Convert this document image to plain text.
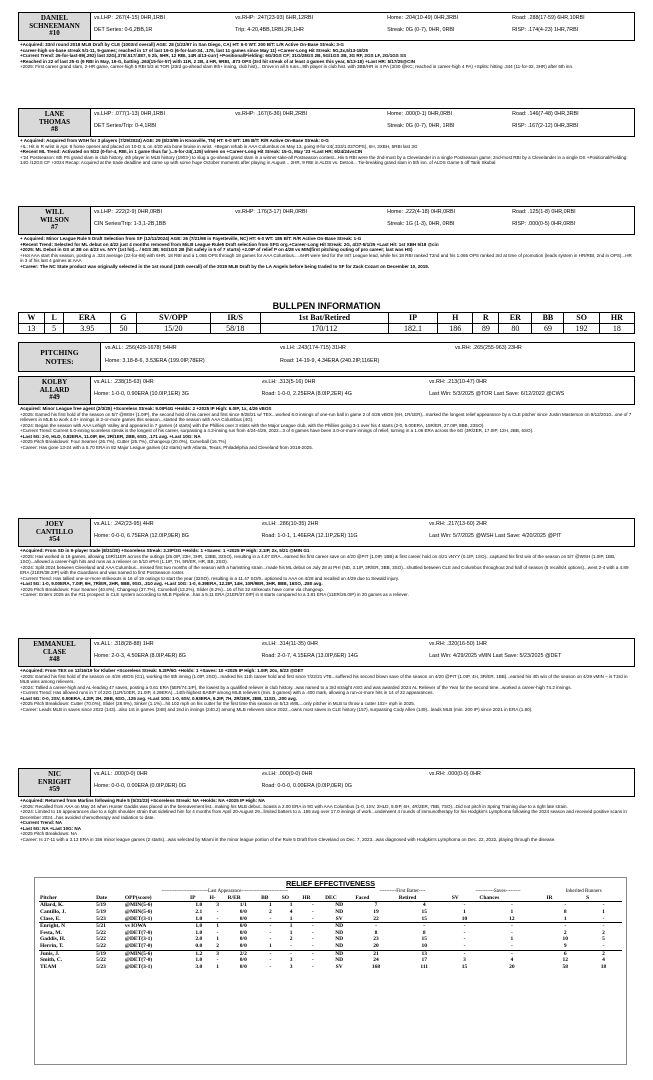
DANIEL
SCHNEEMANN
#10
vs.LHP: .267(4-15) 0HR,1RBI	vs.RHP: .247(23-93) 6HR,12RBI	Home: .204(10-49) 0HR,3RBI	Road: .288(17-59) 6HR,10RBI
DET Series: 0-6,2BB,1R	Trip: 4-20,4BB,1RBI,2R,1HR	Streak: 0G (0-7), 0HR, 0RBI	RISP: .174(4-23) 1HR,7RBI

+Acquired: 33rd round 2018 MLB Draft by CLE (1003rd overall) AGE: 28 (1/23/97 in San Diego, CA) HT: 6-0 WT: 200 B/T: L/R Active On-Base Streak: 3-G

+career-high on-base streak 5/1-11, 9-games; reached in 17 of last 19-G (6-for-last-34, .176, last 11 games since May 11) +Career-Long Hit Streak: 5G,3x,5/13-18/25

+Current Trend: 26-for-last-89(.292) last 32G(.370/.517/.887, 5 2b, 5HR, 12 RBI, 14R 4/13-curr) +Positional/Fielding: 6G/3GS CF; 31G/28GS 2B, 5G/1GS 3B, 3G RF, 2GS LF, 2G/1GS SS

+Reached in 22 of last 25-G (9 RBI in May, 19-G, batting .263(15-for-57) with 11R, 2 2B, 4 HR, 9RBI, .873 OPS (3rd hit streak of at least 4 games this year, 5/13-18) +Last HR: 5/17/25@CIN

+2025: First career grand slam, 2-HR game, career-high 5 RBI 5/3 at TOR (23rd go-ahead slam 9th+ inning, club hist)... Drove in all 5 runs...9th player in club hist. with 3BB/HR in 4 PA (3/30 @KC; reached in career-high 4 PA) +Splits: hitting .344 (11-for-32, 3HR) after 6th inn.

LANE
THOMAS
#8
vs.LHP: .077(1-13) 0HR,1RBI	vs.RHP: .167(6-36) 0HR,2RBI	Home: .000(0-1) 0HR,0RBI	Road: .146(7-48) 0HR,3RBI
DET Series/Trip: 0-4,1RBI	Streak: 0G (0-7), 0HR, 1RBI	RISP: .167(2-12) 0HR,3RBI

+ Acquired: Acquired from WSH for 3 players (7/29/2024) AGE: 29 (8/23/95 in Knoxville, TN) HT: 6-0 WT: 195 B/T: R/R Active On-Base Streak: 0-G

+IL: Hit in R wrist in Apr. 8 home opener and placed on 10-D IL on 4/20 w/a bone bruise in wrist. +Began rehab in AAA Columbus on May 13, going 8-for-24(.333/1.037OPS), 6H, 3XBH, 5RBI last 3G

+Recent ML Trend: Activated on 5/22 (0-for-4, RBI, in 1 game thus far )...5-for-24(.125) w/men on +Career-Long Hit Streak: 15-G, May '23 +Last HR: 9/24/24vsCIN

+'24 Postseason: 6th PS grand slam in club history, 4th player in MLB history (1903-) to slug a go-ahead grand slam in a winner-take-all Postseason contest...His 5 RBI were the 2nd-most by a Clevelander in a single Postseason game; 2nd-most RBI by a Clevelander in a single DS +Positional/Fielding: 14G /12GS CF +2024 Recap: Acquired at the trade deadline and came up with some huge October moments after playing in August .. 2HR, 9 RBI in ALDS vs. Detroit... Tie-breaking grand slam in 5th inn. of ALDS Game 5 off Tarik Skubal

WILL
WILSON
#7
vs.LHP: .222(2-9) 0HR,0RBI	vs.RHP: .176(3-17) 0HR,0RBI	Home: .222(4-18) 0HR,0RBI	Road: .125(1-8) 0HR,0RBI
CIN Series/Trip: 1-3,1-2B,1BB	Streak: 1G (1-3), 0HR, 0RBI	RISP: .000(0-5) 0HR,0RBI

+ Acquired: Minor League Rule 5 Draft Selection from SF (12/11/2024) AGE: 26 (7/21/98 in Fayetteville, NC) HT: 6-0 WT: 185 B/T: R/R Active On-Base Streak: 1-G

+Recent Trend: Selected for ML debut on 4/22 just 4 months removed from MiLB League Rule5 Draft selection from SFG org.+Career-Long Hit Streak: 2G, 4/27-5/1/25 +Last Hit: 1st XBH 5/18 @cin

+2025: ML Debut in GS at 3B on 4/23 vs. NYY (1st hit)... / 6GS 3B; 5G/1GS 2B (hit safely in 5 of 7 starts) +2.0IP of relief P on 4/28 vs MIN(first pitching outing of pro career; last was HS)

+Hot AAA start this season, posting a .324 average (22-for-68) with 6HR, 18 RBI and a 1.065 OPS through 18 games for AAA Columbus.....6HR were tied for the Int'l League lead, while his 18 RBI ranked T2nd and his 1.065 OPS ranked 3rd at time of promotion (leads system in HR/RBI, 2nd in OPS)...HR in 3 of his last 4 games at AAA

+Career: The NC State product was originally selected in the 1st round (15th overall) of the 2019 MLB Draft by the LA Angels before being traded to SF for Zack Cozart on December 10, 2019.

BULLPEN INFORMATION
W	L	ERA	G	SV/OPP	IR/S	1st Bat/Retired	IP	H	R	ER	BB	SO	HR
13	5	3.95	50	15/20	58/18	170/112	182.1	186	89	80	69	192	18
PITCHING
NOTES:
vs.ALL: .256(429-1678) 54HR	vs.LH: .243(174-715) 31HR	vs.RH: .265(255-963) 23HR
Home: 3.18-8-6, 3.53ERA (199.0IP,78ER)	Road: 14-19-9, 4.34ERA (240.2IP,116ER)
KOLBY
ALLARD
#49
vs.ALL: .238(15-63) 0HR	vs.LH: .313(5-16) 0HR	vs.RH: .213(10-47) 0HR
Home: 1-0-0, 0.90ERA (10.0IP,1ER) 3G	Road: 1-0-0, 2.25ERA (8.0IP,2ER) 4G	Last Win: 5/3/2025 @TOR Last Save: 6/12/2022 @CWS

Acquired: Minor League free agent (2/3/25) +Scoreless Streak: 9.0IP/4G +Holds: 2 +2025 IP High: 6.0IP, 1x, 4/26 vBOS

+2025: Earned his first hold of the season on 5/7 @WSH (1.0IP), the second hold of his career and first since 9/28/21 w/ TEX...worked 6.0 innings of one-run ball in game 2 of 4/26 vBOS (6H, 1R/1ER)...marked the longest relief appearance by a CLE pitcher since Justin Masterson on 9/12/2010...one of 7 relievers in MLB to work 4.0+ innings in 2-or-more games this season...started the season with AAA Columbus (4G).

+2024: Began the season with AAA Lehigh Valley and appeared in 7 games (4 starts) with the Phillies over 3 stints with the Major League club, with the Phillies going 3-1 over his 4 starts (2-0, 5.00ERA, 15R/ER, 27.0IP, 8BB, 23SO).

+Current Trend: Current 6.0-inning scoreless streak is the longest of his career, surpassing a 4.2-inning run from 4/24-4/29, 2022...3 of 6 games have been 3.0-or-more innings of relief, turning in a 1.06 ERA across the 6G (3R/2ER, 17.0IP, 12H, 2BB, 6SO).

+Last 5G: 2-0, HLD, 0.82ERA, 11.0IP, 6H, 2R/1ER, 2BB, 6SO, .171 avg. +Last 10G: NA

+2025 Pitch Breakdown: Four Seamer (26.7%), Cutter (25.7%), Changeup (20.0%), Curveball (16.7%)

+Career: Has gone 13-24 with a 5.70 ERA in 82 Major League games (42 starts) with Atlanta, Texas, Philadelphia and Cleveland from 2018-2025.

JOEY
CANTILLO
#54
vs.ALL: .242(23-95) 4HR	vs.LH: .286(10-35) 2HR	vs.RH: .217(13-60) 2HR
Home: 0-0-0, 6.75ERA (12.0IP,9ER) 8G	Road: 1-0-1, 1.46ERA (12.1IP,2ER) 11G	Last Win: 5/7/2025 @WSH Last Save: 4/20/2025 @PIT

+Acquired: From SD in 9-player trade (8/31/20) +Scoreless Streak: 3.2IP/3G +Holds: 1 +Saves: 1 +2025 IP High: 2.1IP, 2x, 5/21 @MIN G1

+2025: Has worked in 19 games, allowing 16R/11ER across the outings (26.0IP, 23H, 3HR, 13BB, 32SO), resulting in a 4.07 ERA...earned his first career save on 4/20 @PIT (1.0IP, 1BB) & first career hold on 4/21 vNYY (0.1IP, 1SO)...captured his first win of the season on 5/7 @WSH (1.0IP, 1BB, 1SO)...allowed a career-high hits and runs as a reliever on 5/10 vPHI (1.1IP, 7H, 5R/ER, HR, BB, 2SO).

+2024: Split 2024 between Cleveland and AAA Columbus...missed first two months of the season with a hamstring strain...made his ML debut on July 28 at PHI (ND, 3.1IP, 3R/ER, 3BB, 3SO)...shuttled between CLE and Columbus throughout 2nd half of season (5 recalls/4 options)...went 2-4 with a 4.89 ERA (21ER/38.2IP) with the Guardians and was named to first Postseason roster.

+Current Trend: Has tallied one-or-more strikeouts in 16 of 19 outings to start the year (32SO), resulting in a 11.47 SO/9...optioned to AAA on 4/28 and recalled on 4/29 due to Sewald injury.

+Last 5G: 1-0, 9.00ERA, 7.0IP, 9H, 7R/ER, 2HR, 5BB, 9SO, .310 avg. +Last 10G: 1-0, 6.39ERA, 12.2IP, 14H, 10R/9ER, 3HR, 8BB, 16SO, .280 avg.

+2025 Pitch Breakdown: Four Seamer (40.8%), Changeup (37.7%), Curveball (13.2%), Slider (8.2%)...16 of his 32 strikeouts have come via changeup.

+Career: Enters 2025 as the #11 prospect in CLE system according to MLB Pipeline...has a 5.11 ERA (21ER/37.0IP) in 8 starts compared to a 3.81 ERA (11ER/26.0IP) in 20 games as a reliever.

EMMANUEL
CLASE
#48
vs.ALL: .318(28-88) 1HR	vs.LH: .314(11-35) 0HR	vs.RH: .320(16-50) 1HR
Home: 2-0-3, 4.50ERA (8.0IP,4ER) 8G	Road: 2-0-7, 4.15ERA (13.0IP,6ER) 14G	Last Win: 4/29/2025 vMIN Last Save: 5/23/2025 @DET

+Acquired: From TEX on 12/16/19 for Kluber +Scoreless Streak: 5.2IP/6G +Holds: 1 +Saves: 10 +2025 IP High: 1.0IP, 20x, 5/23 @DET

+2025: Earned his first hold of the season on 4/26 vBOS (G1), working the 8th inning (1.0IP, 2SO)...marked his 11th career hold and first since 7/22/21 vTB...suffered his second blown save of the season on 4/20 @PIT (1.0IP, 4H, 3R/ER, 1BB)...earned his 4th win of the season on 4/29 vMIN – is T3rd in MLB wins among relievers.

+2024: Tallied a career-high and AL-leading 47 saves, posting a 0.61 ERA (5ER/74.1IP), the lowest by a qualified reliever in club history...was named to a 3rd straight ASG and was awarded 2024 AL Reliever of the Year for the second time...worked a career-high 74.2 innings.

+Current Trend: Has allowed runs in 7 of 22G (11R/10ER, 21.0IP, 4.29ERA)...14th-highest BABIP among MLB relievers (min. 5 games) with a .400 mark, allowing a run-or-more hits in 14 of 22 appearances.

+Last 5G: 0-0, 2SV, 0.00ERA, 4.2IP, 2H, 2BB, 6SO, .125 avg. +Last 10G: 1-0, 6SV, 0.93ERA, 9.2IP, 7H, 2R/1ER, 2BB, 11SO, .200 avg.

+2025 Pitch Breakdown: Cutter (70.0%), Slider (28.9%), Sinker (1.1%)...hit 102 mph on his cutter for the first time this season on 5/13 vMIL...only pitcher in MLB to throw a cutter 102+ mph in 2025.

+Career: Leads MLB in saves since 2022 (143)...also 1st in games (248) and 2nd in innings (240.2) among MLB relievers since 2022...owns most saves in CLE history (157), surpassing Cody Allen (149)...leads MLB (min. 200 IP) since 2021 in ERA (1.80).

NIC
ENRIGHT
#59
vs.ALL: .000(0-0) 0HR	vs.LH: .000(0-0) 0HR	vs.RH: .000(0-0) 0HR
Home: 0-0-0, 0.00ERA (0.0IP,0ER) 0G	Road: 0-0-0, 0.00ERA (0.0IP,0ER) 0G

+Acquired: Returned from Marlins following Rule 5 (5/31/23) +Scoreless Streak: NA +Holds: NA +2025 IP High: NA

+2025: Recalled from AAA on May 24 when Hunter Gaddis was placed on the bereavement list...making his MLB debut...boasts a 2.00 ERA in 9G with AAA Columbus (1-0, 1SV, 2HLD, 9.0IP, 6H, 4R/2ER, 7BB, 7SO)...Did not pitch in Spring Training due to a right late strain.

+2024: Limited to 16 appearances due to a right shoulder strain that sidelined him for 4 months from April 20-August 29...limited batters to a .155 avg over 17.0 innings of work...underwent 4 rounds of immunotherapy for his Hodgkin's Lymphoma following the 2024 season and received positive scans in December 2024...has avoided chemotherapy and radiation to date.

+Current Trend: NA

+Last 5G: NA +Last 10G: NA

+2025 Pitch Breakdown: NA

+Career: Is 17-11 with a 3.13 ERA in 156 minor league games (2 starts)...was selected by Miami in the minor league portion of the Rule 5 Draft from Cleveland on Dec. 7, 2023...was diagnosed with Hodgkin's Lymphoma on Dec. 22, 2022, playing through the disease.

RELIEF EFFECTIVENESS
	----------------------------Last Appearance----------------------------									----------First Batter----		-----------Saves---------		Inherited Runners	
Pitcher	Date	OPP(score)	IP	H-	R/ER	BB	SO	HR	DEC	Faced	Retired	SV	Chances	IR	S
Allard, K.	5/19	@MIN(5-6)	1.0	3	1/1	1	1	-	ND	7	4	-	-	-	-
Cantillo, J.	5/19	@MIN(5-6)	2.1	-	0/0	2	4	-	ND	19	15	1	1	8	1
Clase, E.	5/23	@DET(3-1)	1.0	-	0/0	-	1	-	SV	22	15	10	12	1	-
Enright, N	5/21	vs IOWA	1.0	1	0/0	-	1	-	ND	-	-	-	-	-	-
Festa, M.	5/22	@DET(7-0)	1.0	-	0/0	-	1	-	ND	8	8	-	-	2	2
Gaddis, H.	5/22	@DET(3-1)	2.0	1	0/0	-	2	-	ND	23	15	-	1	10	5
Herrin, T.	5/22	@DET(7-0)	0.0	2	0/0	1	-	-	ND	20	10	-	-	9	-
Junis, J.	5/19	@MIN(5-6)	1.2	3	2/2	-	-	-	ND	21	13	-	-	6	2
Smith, C.	5/22	@DET(7-0)	1.0	-	0/0	-	3	-	ND	24	17	3	4	12	4
TEAM	5/23	@DET(3-1)	3.0	1	0/0	-	3	-	SV	168	111	15	20	58	18
